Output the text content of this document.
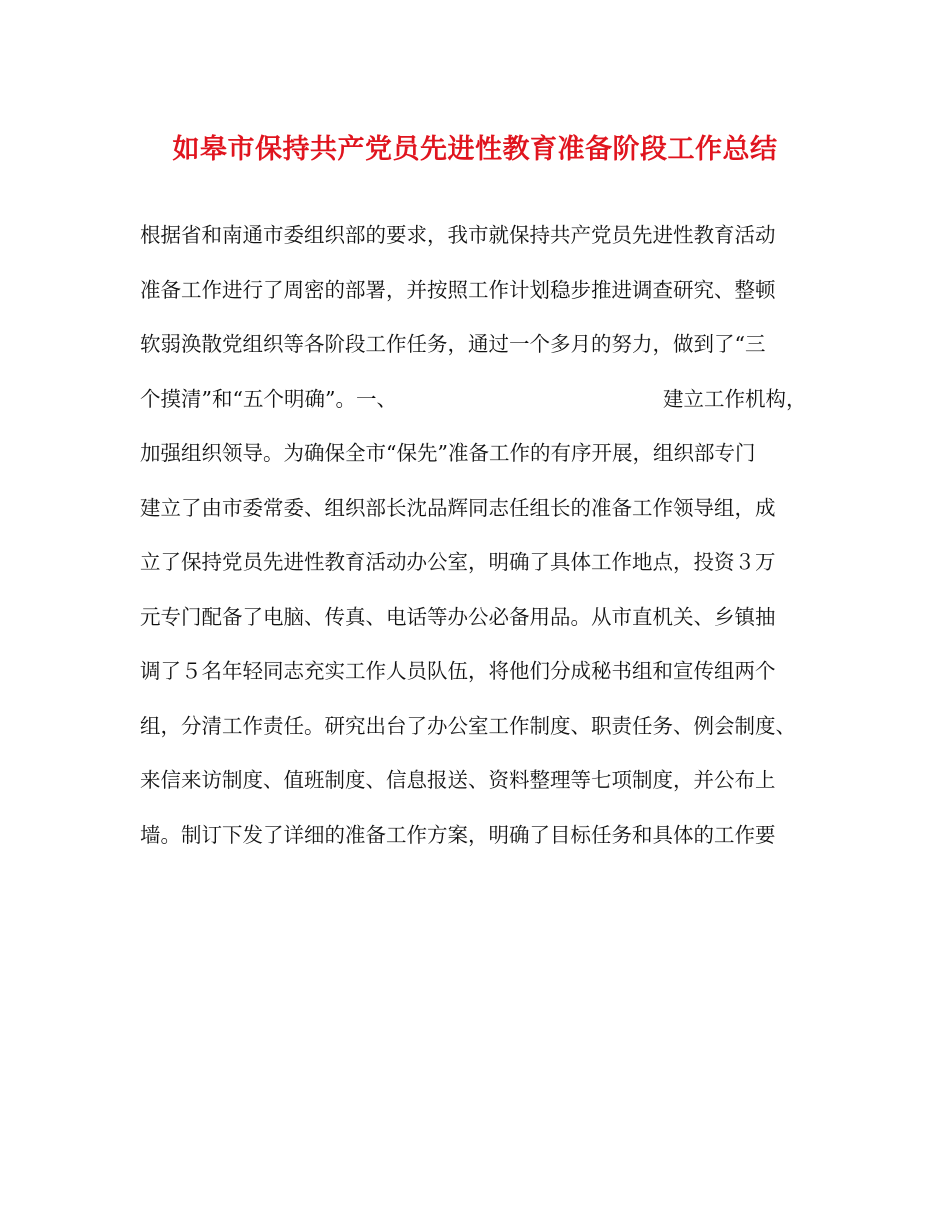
如皋市保持共产党员先进性教育准备阶段工作总结
根据省和南通市委组织部的要求，我市就保持共产党员先进性教育活动
准备工作进行了周密的部署，并按照工作计划稳步推进调查研究、整顿
软弱涣散党组织等各阶段工作任务，通过一个多月的努力，做到了“三
个摸清”和“五个明确”。一、	建立工作机构，
加强组织领导。为确保全市“保先”准备工作的有序开展，组织部专门
建立了由市委常委、组织部长沈品辉同志任组长的准备工作领导组，成
立了保持党员先进性教育活动办公室，明确了具体工作地点，投资３万
元专门配备了电脑、传真、电话等办公必备用品。从市直机关、乡镇抽
调了５名年轻同志充实工作人员队伍，将他们分成秘书组和宣传组两个
组，分清工作责任。研究出台了办公室工作制度、职责任务、例会制度、
来信来访制度、值班制度、信息报送、资料整理等七项制度，并公布上
墙。制订下发了详细的准备工作方案，明确了目标任务和具体的工作要
